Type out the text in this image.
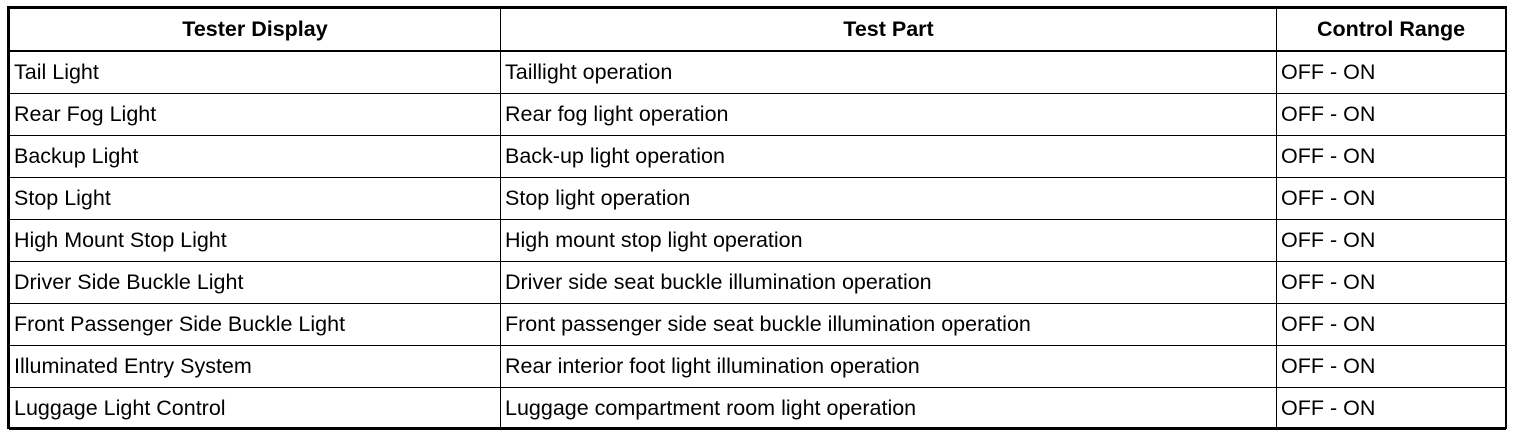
Tester Display	Test Part	Control Range
Tail Light	Taillight operation	OFF - ON
Rear Fog Light	Rear fog light operation	OFF - ON
Backup Light	Back-up light operation	OFF - ON
Stop Light	Stop light operation	OFF - ON
High Mount Stop Light	High mount stop light operation	OFF - ON
Driver Side Buckle Light	Driver side seat buckle illumination operation	OFF - ON
Front Passenger Side Buckle Light	Front passenger side seat buckle illumination operation	OFF - ON
Illuminated Entry System	Rear interior foot light illumination operation	OFF - ON
Luggage Light Control	Luggage compartment room light operation	OFF - ON
